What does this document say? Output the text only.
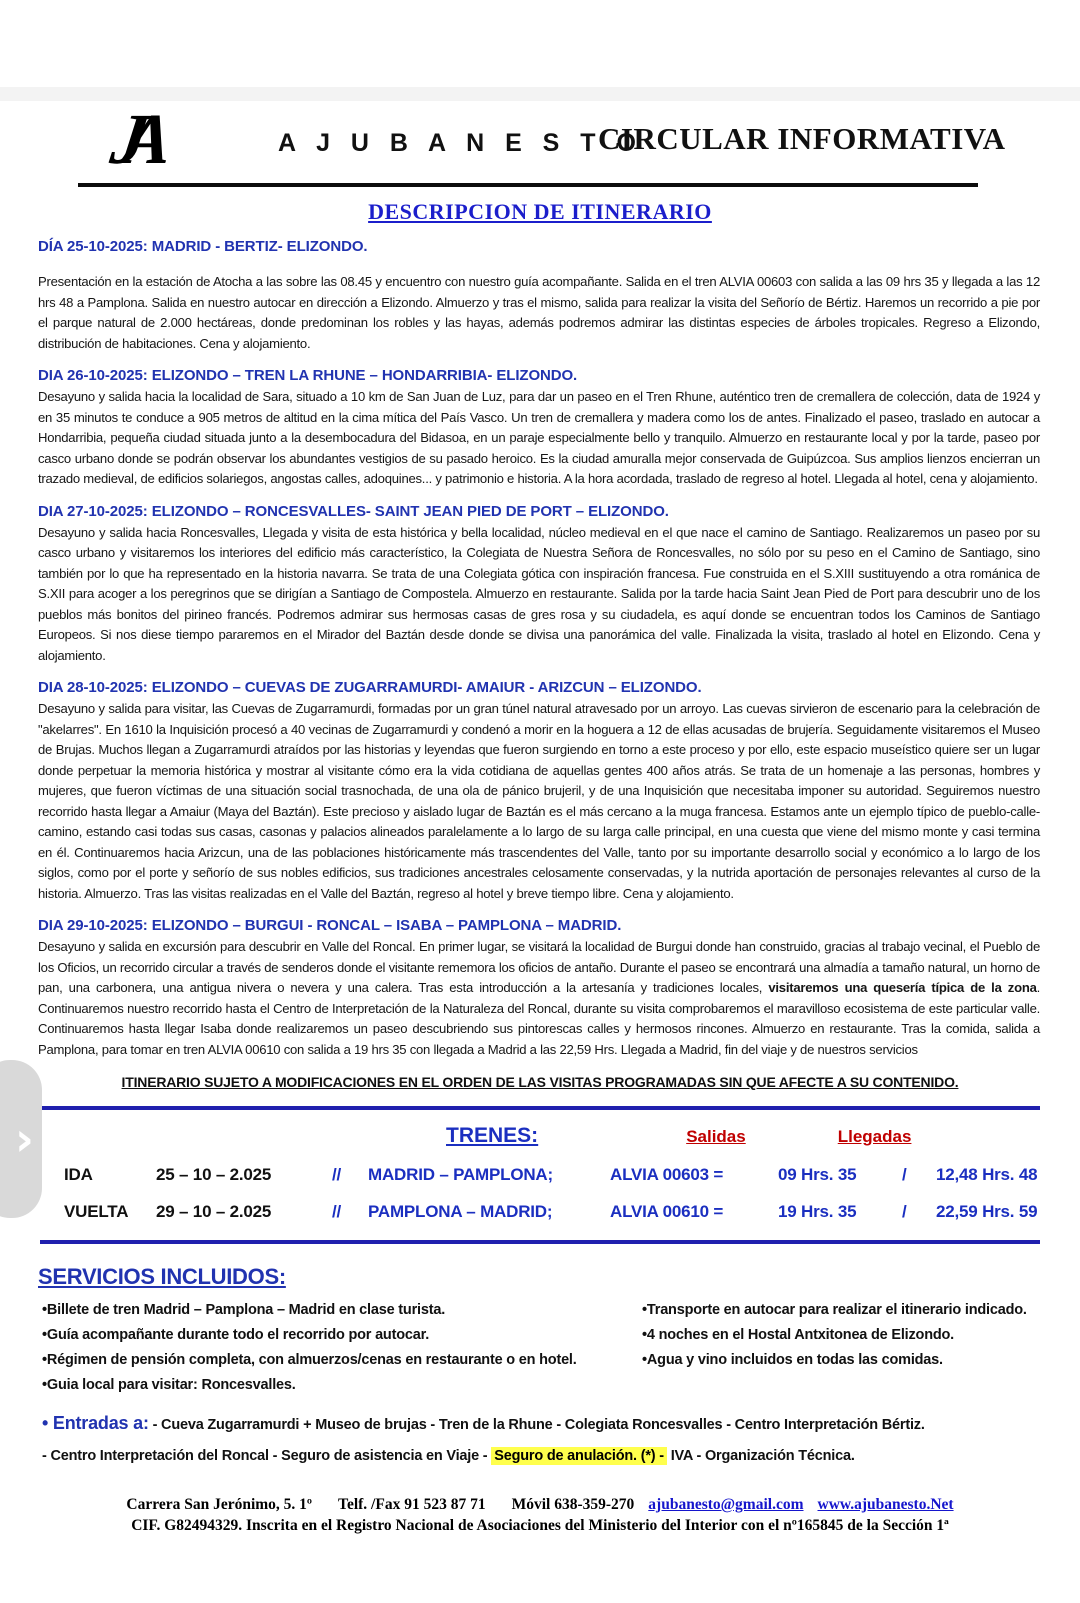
JA	A J U B A N E S T O
CIRCULAR INFORMATIVA
DESCRIPCION DE ITINERARIO
DÍA 25-10-2025: MADRID - BERTIZ- ELIZONDO.

Presentación en la estación de Atocha a las sobre las 08.45 y encuentro con nuestro guía acompañante. Salida en el tren ALVIA 00603 con salida a las 09 hrs 35 y llegada a las 12 hrs 48 a Pamplona. Salida en nuestro autocar en dirección a Elizondo. Almuerzo y tras el mismo, salida para realizar la visita del Señorío de Bértiz. Haremos un recorrido a pie por el parque natural de 2.000 hectáreas, donde predominan los robles y las hayas, además podremos admirar las distintas especies de árboles tropicales. Regreso a Elizondo, distribución de habitaciones. Cena y alojamiento.

DIA 26-10-2025: ELIZONDO – TREN LA RHUNE – HONDARRIBIA- ELIZONDO.

Desayuno y salida hacia la localidad de Sara, situado a 10 km de San Juan de Luz, para dar un paseo en el Tren Rhune, auténtico tren de cremallera de colección, data de 1924 y en 35 minutos te conduce a 905 metros de altitud en la cima mítica del País Vasco. Un tren de cremallera y madera como los de antes. Finalizado el paseo, traslado en autocar a Hondarribia, pequeña ciudad situada junto a la desembocadura del Bidasoa, en un paraje especialmente bello y tranquilo. Almuerzo en restaurante local y por la tarde, paseo por casco urbano donde se podrán observar los abundantes vestigios de su pasado heroico. Es la ciudad amuralla mejor conservada de Guipúzcoa. Sus amplios lienzos encierran un trazado medieval, de edificios solariegos, angostas calles, adoquines... y patrimonio e historia. A la hora acordada, traslado de regreso al hotel. Llegada al hotel, cena y alojamiento.

DIA 27-10-2025: ELIZONDO – RONCESVALLES- SAINT JEAN PIED DE PORT – ELIZONDO.

Desayuno y salida hacia Roncesvalles, Llegada y visita de esta histórica y bella localidad, núcleo medieval en el que nace el camino de Santiago. Realizaremos un paseo por su casco urbano y visitaremos los interiores del edificio más característico, la Colegiata de Nuestra Señora de Roncesvalles, no sólo por su peso en el Camino de Santiago, sino también por lo que ha representado en la historia navarra. Se trata de una Colegiata gótica con inspiración francesa. Fue construida en el S.XIII sustituyendo a otra románica de S.XII para acoger a los peregrinos que se dirigían a Santiago de Compostela. Almuerzo en restaurante. Salida por la tarde hacia Saint Jean Pied de Port para descubrir uno de los pueblos más bonitos del pirineo francés. Podremos admirar sus hermosas casas de gres rosa y su ciudadela, es aquí donde se encuentran todos los Caminos de Santiago Europeos. Si nos diese tiempo pararemos en el Mirador del Baztán desde donde se divisa una panorámica del valle. Finalizada la visita, traslado al hotel en Elizondo. Cena y alojamiento.

DIA 28-10-2025: ELIZONDO – CUEVAS DE ZUGARRAMURDI- AMAIUR - ARIZCUN – ELIZONDO.

Desayuno y salida para visitar, las Cuevas de Zugarramurdi, formadas por un gran túnel natural atravesado por un arroyo. Las cuevas sirvieron de escenario para la celebración de "akelarres". En 1610 la Inquisición procesó a 40 vecinas de Zugarramurdi y condenó a morir en la hoguera a 12 de ellas acusadas de brujería. Seguidamente visitaremos el Museo de Brujas. Muchos llegan a Zugarramurdi atraídos por las historias y leyendas que fueron surgiendo en torno a este proceso y por ello, este espacio museístico quiere ser un lugar donde perpetuar la memoria histórica y mostrar al visitante cómo era la vida cotidiana de aquellas gentes 400 años atrás. Se trata de un homenaje a las personas, hombres y mujeres, que fueron víctimas de una situación social trasnochada, de una ola de pánico brujeril, y de una Inquisición que necesitaba imponer su autoridad. Seguiremos nuestro recorrido hasta llegar a Amaiur (Maya del Baztán). Este precioso y aislado lugar de Baztán es el más cercano a la muga francesa. Estamos ante un ejemplo típico de pueblo-calle-camino, estando casi todas sus casas, casonas y palacios alineados paralelamente a lo largo de su larga calle principal, en una cuesta que viene del mismo monte y casi termina en él. Continuaremos hacia Arizcun, una de las poblaciones históricamente más trascendentes del Valle, tanto por su importante desarrollo social y económico a lo largo de los siglos, como por el porte y señorío de sus nobles edificios, sus tradiciones ancestrales celosamente conservadas, y la nutrida aportación de personajes relevantes al curso de la historia. Almuerzo. Tras las visitas realizadas en el Valle del Baztán, regreso al hotel y breve tiempo libre. Cena y alojamiento.

DIA 29-10-2025: ELIZONDO – BURGUI - RONCAL – ISABA – PAMPLONA – MADRID.

Desayuno y salida en excursión para descubrir en Valle del Roncal. En primer lugar, se visitará la localidad de Burgui donde han construido, gracias al trabajo vecinal, el Pueblo de los Oficios, un recorrido circular a través de senderos donde el visitante rememora los oficios de antaño. Durante el paseo se encontrará una almadía a tamaño natural, un horno de pan, una carbonera, una antigua nivera o nevera y una calera. Tras esta introducción a la artesanía y tradiciones locales, visitaremos una quesería típica de la zona. Continuaremos nuestro recorrido hasta el Centro de Interpretación de la Naturaleza del Roncal, durante su visita comprobaremos el maravilloso ecosistema de este particular valle. Continuaremos hasta llegar Isaba donde realizaremos un paseo descubriendo sus pintorescas calles y hermosos rincones. Almuerzo en restaurante. Tras la comida, salida a Pamplona, para tomar en tren ALVIA 00610 con salida a 19 hrs 35 con llegada a Madrid a las 22,59 Hrs. Llegada a Madrid, fin del viaje y de nuestros servicios

ITINERARIO SUJETO A MODIFICACIONES EN EL ORDEN DE LAS VISITAS PROGRAMADAS SIN QUE AFECTE A SU CONTENIDO.

TRENES:	Salidas	Llegadas
IDA	25 – 10 – 2.025	//	MADRID – PAMPLONA;	ALVIA 00603 =	09 Hrs. 35	/	12,48 Hrs. 48
VUELTA	29 – 10 – 2.025	//	PAMPLONA – MADRID;	ALVIA 00610 =	19 Hrs. 35	/	22,59 Hrs. 59
SERVICIOS INCLUIDOS:
• Billete de tren Madrid – Pamplona – Madrid en clase turista.
• Guía acompañante durante todo el recorrido por autocar.
• Régimen de pensión completa, con almuerzos/cenas en restaurante o en hotel.
• Guia local para visitar: Roncesvalles.
• Transporte en autocar para realizar el itinerario indicado.
• 4 noches en el Hostal Antxitonea de Elizondo.
• Agua y vino incluidos en todas las comidas.

• Entradas a: - Cueva Zugarramurdi + Museo de brujas - Tren de la Rhune - Colegiata Roncesvalles - Centro Interpretación Bértiz.

- Centro Interpretación del Roncal - Seguro de asistencia en Viaje - Seguro de anulación. (*) - IVA - Organización Técnica.

Carrera San Jerónimo, 5. 1º Telf. /Fax 91 523 87 71 Móvil 638-359-270 ajubanesto@gmail.com www.ajubanesto.Net

CIF. G82494329. Inscrita en el Registro Nacional de Asociaciones del Ministerio del Interior con el nº165845 de la Sección 1ª

›
